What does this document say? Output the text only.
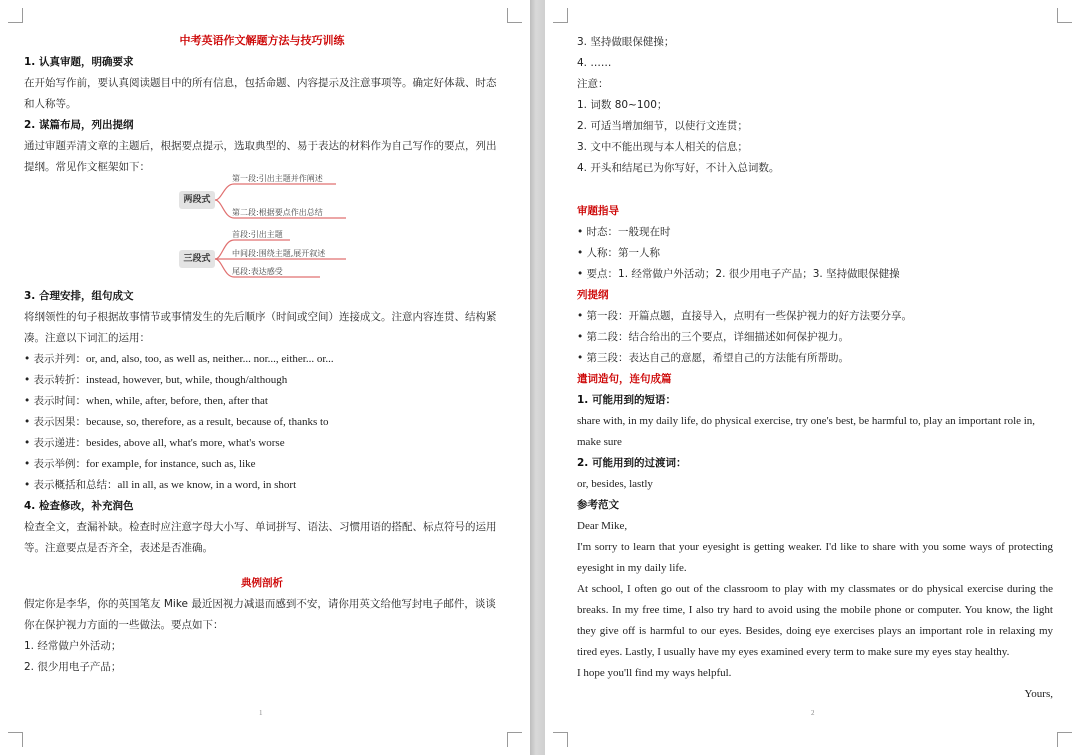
中考英语作文解题方法与技巧训练
1. 认真审题，明确要求
在开始写作前，要认真阅读题目中的所有信息，包括命题、内容提示及注意事项等。确定好体裁、时态和人称等。
2. 谋篇布局，列出提纲
通过审题弄清文章的主题后，根据要点提示，选取典型的、易于表达的材料作为自己写作的要点，列出提纲。常见作文框架如下：
两段式
第一段:引出主题并作阐述
第二段:根据要点作出总结
三段式
首段:引出主题
中间段:围绕主题,展开叙述
尾段:表达感受
3. 合理安排，组句成文
将纲领性的句子根据故事情节或事情发生的先后顺序（时间或空间）连接成文。注意内容连贯、结构紧凑。注意以下词汇的运用：
• 表示并列：or, and, also, too, as well as, neither... nor..., either... or...
• 表示转折：instead, however, but, while, though/although
• 表示时间：when, while, after, before, then, after that
• 表示因果：because, so, therefore, as a result, because of, thanks to
• 表示递进：besides, above all, what's more, what's worse
• 表示举例：for example, for instance, such as, like
• 表示概括和总结：all in all, as we know, in a word, in short
4. 检查修改，补充润色
检查全文，查漏补缺。检查时应注意字母大小写、单词拼写、语法、习惯用语的搭配、标点符号的运用等。注意要点是否齐全，表述是否准确。
典例剖析
假定你是李华，你的英国笔友 Mike 最近因视力减退而感到不安，请你用英文给他写封电子邮件，谈谈你在保护视力方面的一些做法。要点如下：
1. 经常做户外活动；
2. 很少用电子产品；
1
3. 坚持做眼保健操；
4. ……
注意：
1. 词数 80~100；
2. 可适当增加细节，以使行文连贯；
3. 文中不能出现与本人相关的信息；
4. 开头和结尾已为你写好，不计入总词数。
审题指导
• 时态：一般现在时
• 人称：第一人称
• 要点：1. 经常做户外活动；2. 很少用电子产品；3. 坚持做眼保健操
列提纲
• 第一段：开篇点题，直接导入，点明有一些保护视力的好方法要分享。
• 第二段：结合给出的三个要点，详细描述如何保护视力。
• 第三段：表达自己的意愿，希望自己的方法能有所帮助。
遣词造句，连句成篇
1. 可能用到的短语：
share with, in my daily life, do physical exercise, try one's best, be harmful to, play an important role in, make sure
2. 可能用到的过渡词：
or, besides, lastly
参考范文
Dear Mike,
I'm sorry to learn that your eyesight is getting weaker. I'd like to share with you some ways of protecting eyesight in my daily life.
At school, I often go out of the classroom to play with my classmates or do physical exercise during the breaks. In my free time, I also try hard to avoid using the mobile phone or computer. You know, the light they give off is harmful to our eyes. Besides, doing eye exercises plays an important role in relaxing my tired eyes. Lastly, I usually have my eyes examined every term to make sure my eyes stay healthy.
I hope you'll find my ways helpful.
Yours,
2
